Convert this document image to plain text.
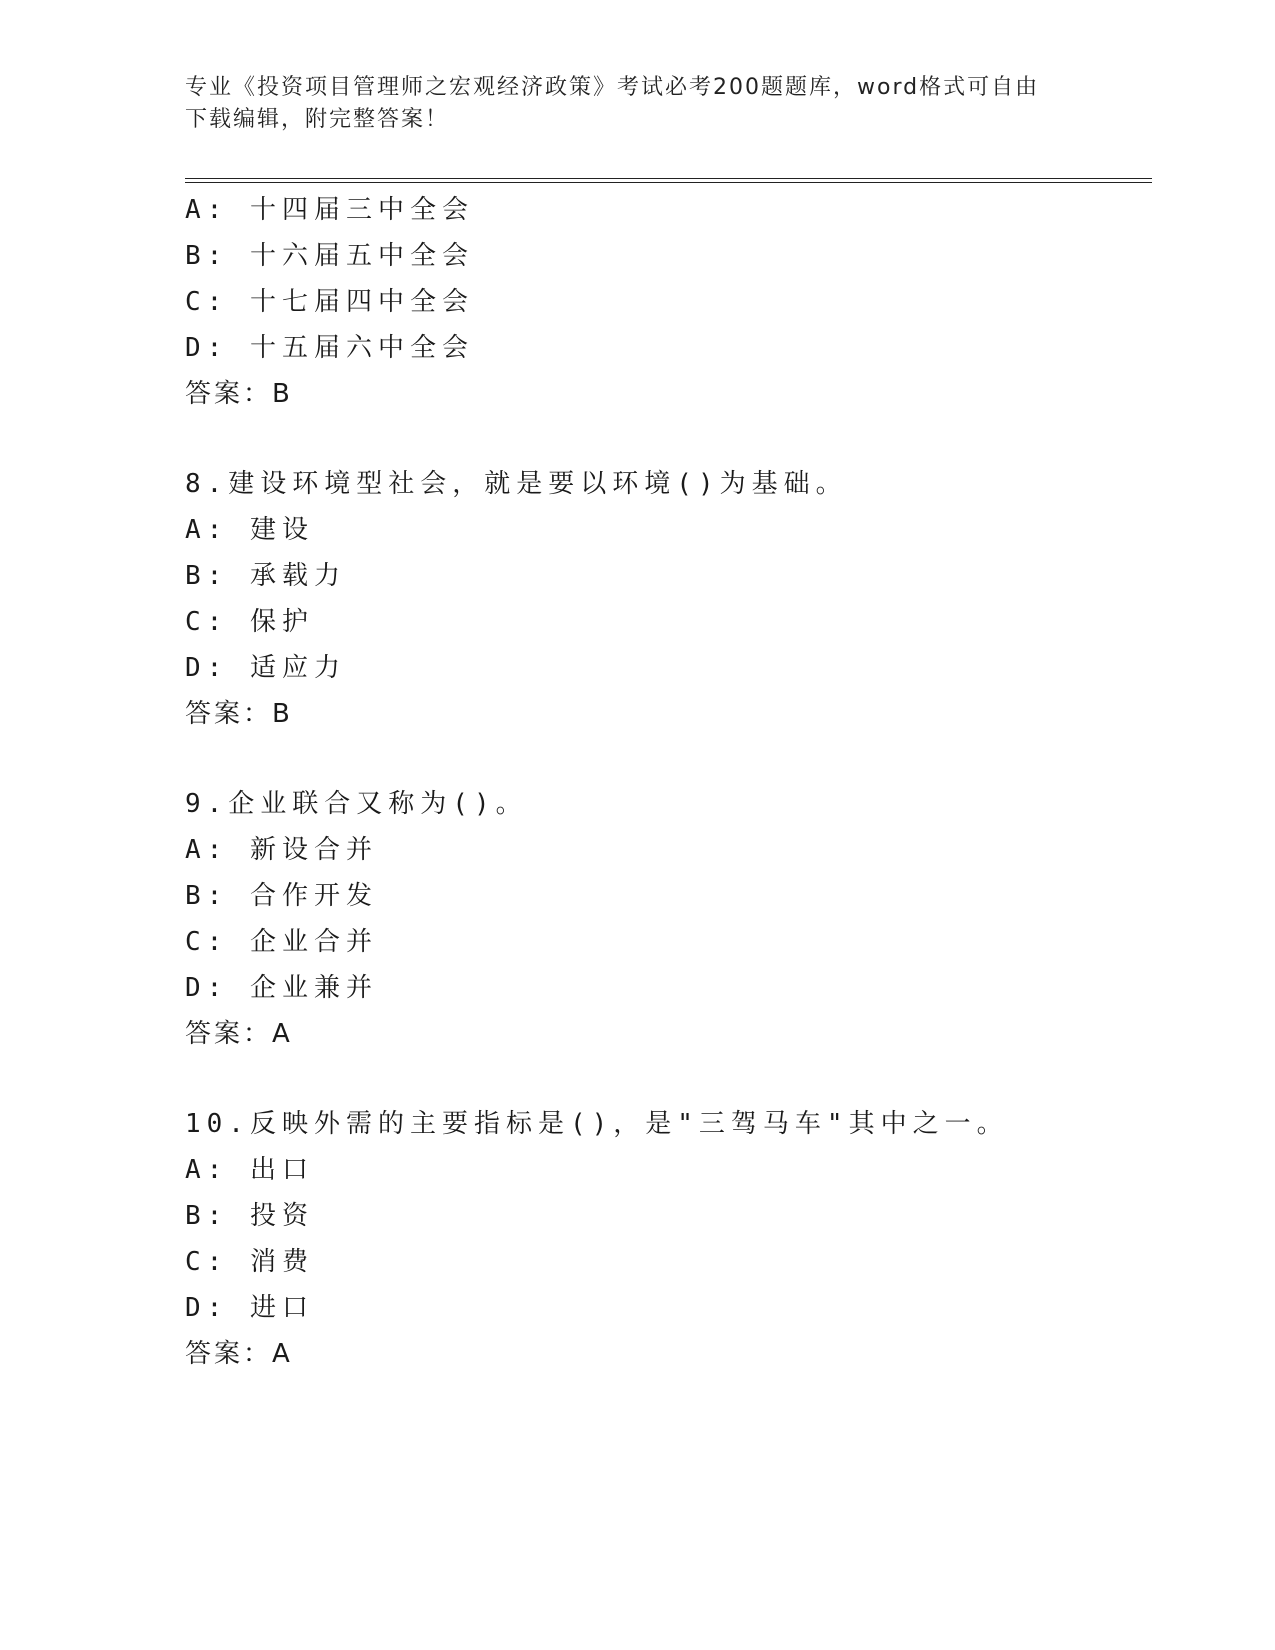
专业《投资项目管理师之宏观经济政策》考试必考200题题库，word格式可自由
下载编辑，附完整答案！
A: 十四届三中全会
B: 十六届五中全会
C: 十七届四中全会
D: 十五届六中全会
答案：B
8.建设环境型社会，就是要以环境()为基础。
A: 建设
B: 承载力
C: 保护
D: 适应力
答案：B
9.企业联合又称为()。
A: 新设合并
B: 合作开发
C: 企业合并
D: 企业兼并
答案：A
10.反映外需的主要指标是()，是"三驾马车"其中之一。
A: 出口
B: 投资
C: 消费
D: 进口
答案：A
